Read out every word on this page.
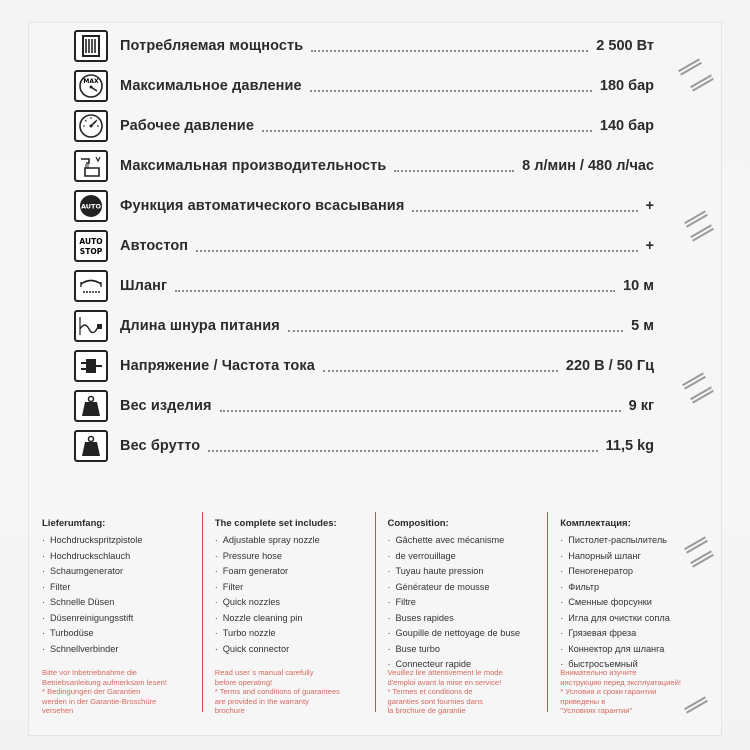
Потребляемая мощность	2 500 Вт
MAX Максимальное давление	180 бар
Рабочее давление	140 бар
Максимальная производительность	8 л/мин / 480 л/час
AUTO Функция автоматического всасывания	+
AUTO
STOP Автостоп	+
Шланг	10 м
Длина шнура питания	5 м
Напряжение / Частота тока	220 В / 50 Гц
Вес изделия	9 кг
Вес брутто	11,5 kg
Lieferumfang:
· Hochdruckspritzpistole
· Hochdruckschlauch
· Schaumgenerator
· Filter
· Schnelle Düsen
· Düsenreinigungsstift
· Turbodüse
· Schnellverbinder
Bitte vor Inbetriebnahme die
Betriebsanleitung aufmerksam lesen!
* Bedingungen der Garantien
werden in der Garantie-Broschüre
versehen
The complete set includes:
· Adjustable spray nozzle
· Pressure hose
· Foam generator
· Filter
· Quick nozzles
· Nozzle cleaning pin
· Turbo nozzle
· Quick connector
Read user`s manual carefully
before operating!
* Terms and conditions of guarantees
are provided in the warranty
brochure
Composition:
· Gâchette avec mécanisme
· de verrouillage
· Tuyau haute pression
· Générateur de mousse
· Filtre
· Buses rapides
· Goupille de nettoyage de buse
· Buse turbo
· Connecteur rapide
Veuillez lire attentivement le mode
d'emploi avant la mise en service!
* Termes et conditions de
garanties sont fournies dans
la brochure de garantie
Комплектация:
· Пистолет-распылитель
· Напорный шланг
· Пеногенератор
· Фильтр
· Сменные форсунки
· Игла для очистки сопла
· Грязевая фреза
· Коннектор для шланга
· быстросъемный
Внимательно изучите
инструкцию перед эксплуатацией!
* Условия и сроки гарантии
приведены в
"Условиях гарантии"
